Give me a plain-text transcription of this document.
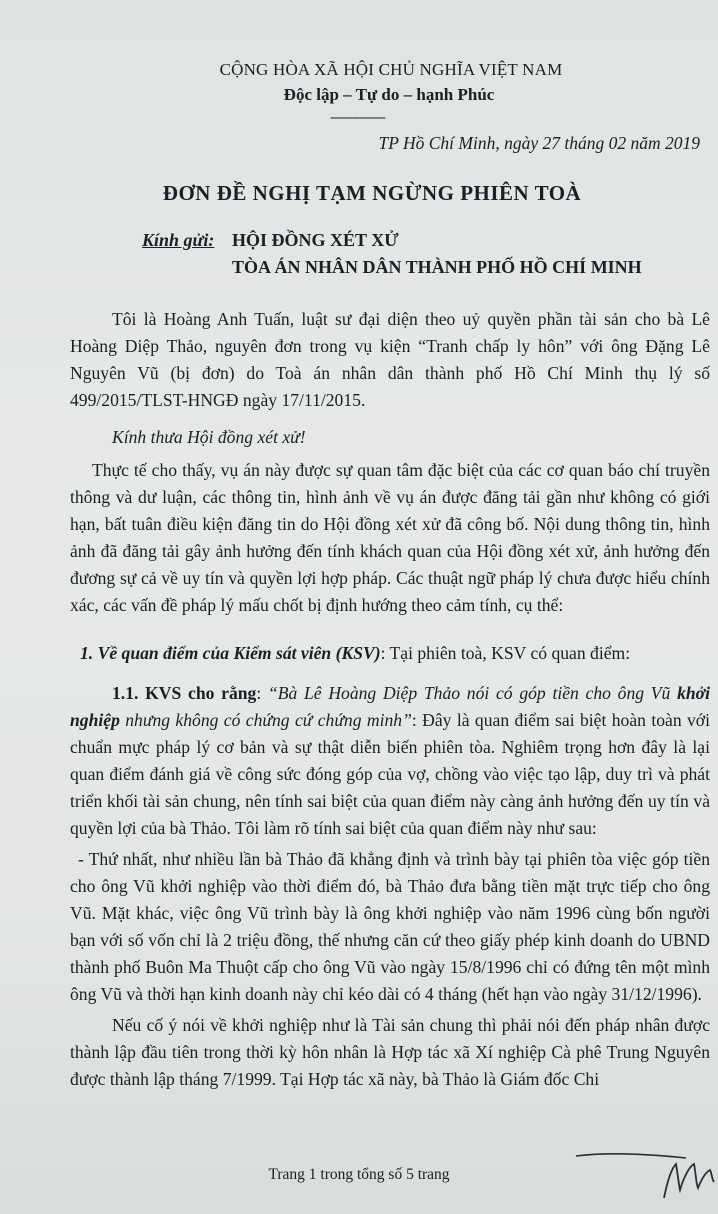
CỘNG HÒA XÃ HỘI CHỦ NGHĨA VIỆT NAM
Độc lập – Tự do – hạnh Phúc
---------------
TP Hồ Chí Minh, ngày 27 tháng 02 năm 2019
ĐƠN ĐỀ NGHỊ TẠM NGỪNG PHIÊN TOÀ
Kính gửi: HỘI ĐỒNG XÉT XỬ
TÒA ÁN NHÂN DÂN THÀNH PHỐ HỒ CHÍ MINH

Tôi là Hoàng Anh Tuấn, luật sư đại diện theo uỷ quyền phần tài sản cho bà Lê Hoàng Diệp Thảo, nguyên đơn trong vụ kiện “Tranh chấp ly hôn” với ông Đặng Lê Nguyên Vũ (bị đơn) do Toà án nhân dân thành phố Hồ Chí Minh thụ lý số 499/2015/TLST-HNGĐ ngày 17/11/2015.

Kính thưa Hội đồng xét xử!

Thực tế cho thấy, vụ án này được sự quan tâm đặc biệt của các cơ quan báo chí truyền thông và dư luận, các thông tin, hình ảnh về vụ án được đăng tải gần như không có giới hạn, bất tuân điều kiện đăng tin do Hội đồng xét xử đã công bố. Nội dung thông tin, hình ảnh đã đăng tải gây ảnh hưởng đến tính khách quan của Hội đồng xét xử, ảnh hưởng đến đương sự cả về uy tín và quyền lợi hợp pháp. Các thuật ngữ pháp lý chưa được hiểu chính xác, các vấn đề pháp lý mấu chốt bị định hướng theo cảm tính, cụ thể:

1. Về quan điểm của Kiểm sát viên (KSV): Tại phiên toà, KSV có quan điểm:

1.1. KVS cho rằng: “Bà Lê Hoàng Diệp Thảo nói có góp tiền cho ông Vũ khởi nghiệp nhưng không có chứng cứ chứng minh”: Đây là quan điểm sai biệt hoàn toàn với chuẩn mực pháp lý cơ bản và sự thật diễn biến phiên tòa. Nghiêm trọng hơn đây là lại quan điểm đánh giá về công sức đóng góp của vợ, chồng vào việc tạo lập, duy trì và phát triển khối tài sản chung, nên tính sai biệt của quan điểm này càng ảnh hưởng đến uy tín và quyền lợi của bà Thảo. Tôi làm rõ tính sai biệt của quan điểm này như sau:

- Thứ nhất, như nhiều lần bà Thảo đã khẳng định và trình bày tại phiên tòa việc góp tiền cho ông Vũ khởi nghiệp vào thời điểm đó, bà Thảo đưa bằng tiền mặt trực tiếp cho ông Vũ. Mặt khác, việc ông Vũ trình bày là ông khởi nghiệp vào năm 1996 cùng bốn người bạn với số vốn chỉ là 2 triệu đồng, thế nhưng căn cứ theo giấy phép kinh doanh do UBND thành phố Buôn Ma Thuột cấp cho ông Vũ vào ngày 15/8/1996 chỉ có đứng tên một mình ông Vũ và thời hạn kinh doanh này chỉ kéo dài có 4 tháng (hết hạn vào ngày 31/12/1996).

Nếu cố ý nói về khởi nghiệp như là Tài sản chung thì phải nói đến pháp nhân được thành lập đầu tiên trong thời kỳ hôn nhân là Hợp tác xã Xí nghiệp Cà phê Trung Nguyên được thành lập tháng 7/1999. Tại Hợp tác xã này, bà Thảo là Giám đốc Chi

Trang 1 trong tổng số 5 trang
